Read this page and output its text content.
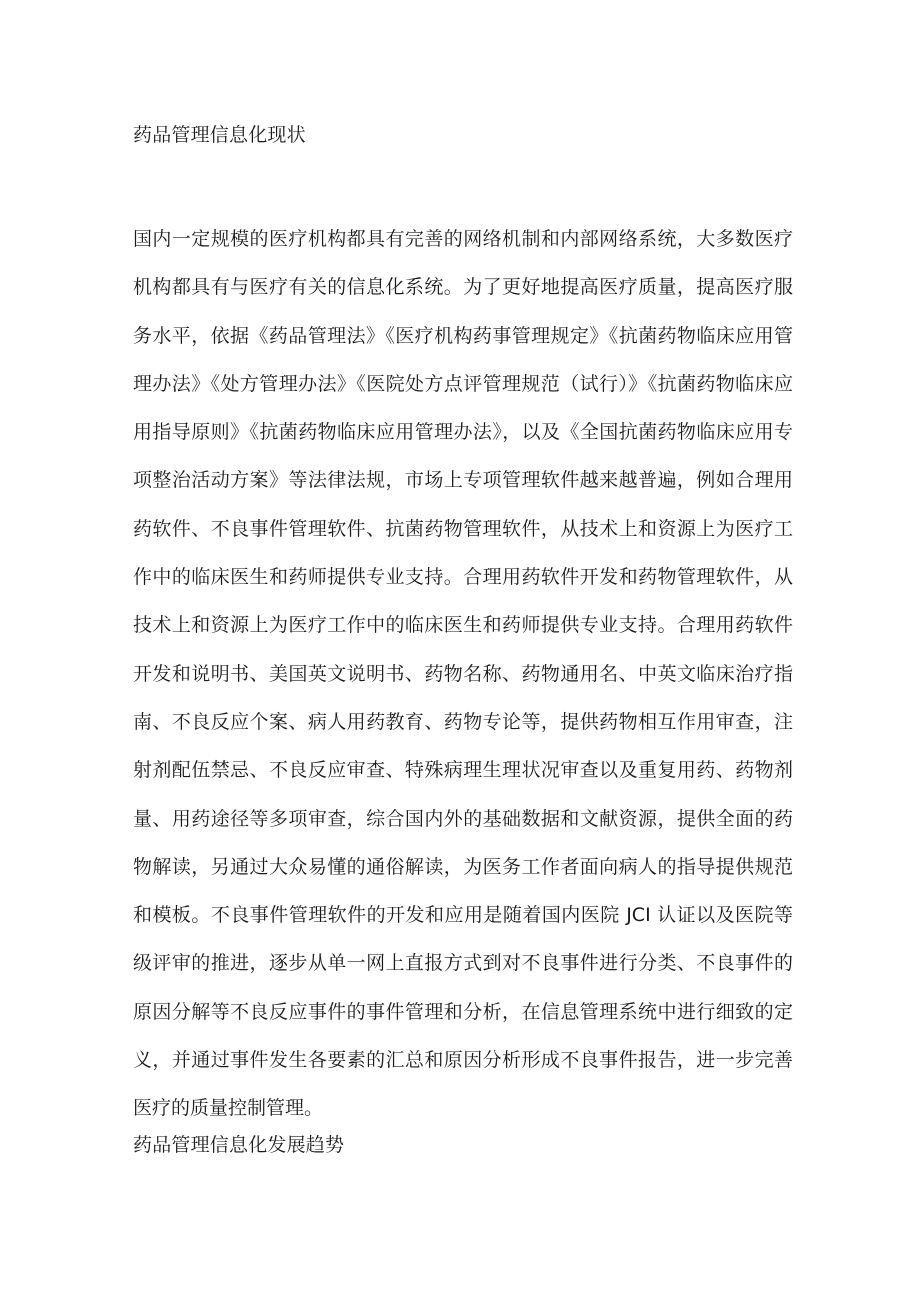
药品管理信息化现状
国内一定规模的医疗机构都具有完善的网络机制和内部网络系统，大多数医疗机构都具有与医疗有关的信息化系统。为了更好地提高医疗质量，提高医疗服务水平，依据《药品管理法》《医疗机构药事管理规定》《抗菌药物临床应用管理办法》《处方管理办法》《医院处方点评管理规范（试行）》《抗菌药物临床应用指导原则》《抗菌药物临床应用管理办法》，以及《全国抗菌药物临床应用专项整治活动方案》等法律法规，市场上专项管理软件越来越普遍，例如合理用药软件、不良事件管理软件、抗菌药物管理软件，从技术上和资源上为医疗工作中的临床医生和药师提供专业支持。合理用药软件开发和药物管理软件，从技术上和资源上为医疗工作中的临床医生和药师提供专业支持。合理用药软件开发和说明书、美国英文说明书、药物名称、药物通用名、中英文临床治疗指南、不良反应个案、病人用药教育、药物专论等，提供药物相互作用审查，注射剂配伍禁忌、不良反应审查、特殊病理生理状况审查以及重复用药、药物剂量、用药途径等多项审查，综合国内外的基础数据和文献资源，提供全面的药物解读，另通过大众易懂的通俗解读，为医务工作者面向病人的指导提供规范和模板。不良事件管理软件的开发和应用是随着国内医院 JCI 认证以及医院等级评审的推进，逐步从单一网上直报方式到对不良事件进行分类、不良事件的原因分解等不良反应事件的事件管理和分析，在信息管理系统中进行细致的定义，并通过事件发生各要素的汇总和原因分析形成不良事件报告，进一步完善医疗的质量控制管理。
药品管理信息化发展趋势
